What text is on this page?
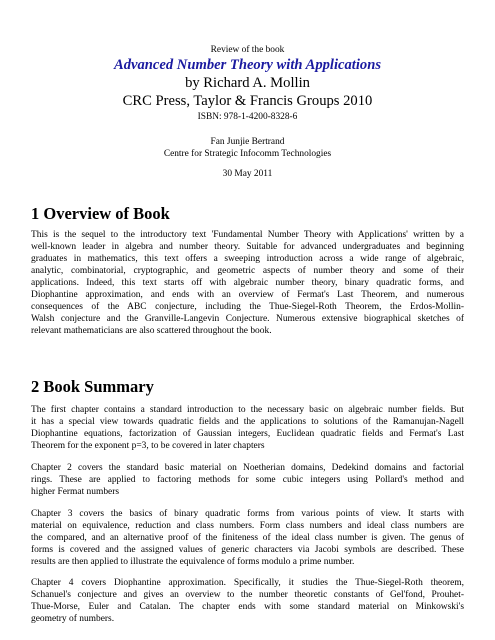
Review of the book
Advanced Number Theory with Applications
by Richard A. Mollin
CRC Press, Taylor & Francis Groups 2010
ISBN: 978-1-4200-8328-6
Fan Junjie Bertrand
Centre for Strategic Infocomm Technologies
30 May 2011
1 Overview of Book
This is the sequel to the introductory text 'Fundamental Number Theory with Applications' written by a
well-known leader in algebra and number theory. Suitable for advanced undergraduates and beginning
graduates in mathematics, this text offers a sweeping introduction across a wide range of algebraic,
analytic, combinatorial, cryptographic, and geometric aspects of number theory and some of their
applications. Indeed, this text starts off with algebraic number theory, binary quadratic forms, and
Diophantine approximation, and ends with an overview of Fermat's Last Theorem, and numerous
consequences of the ABC conjecture, including the Thue-Siegel-Roth Theorem, the Erdos-Mollin-
Walsh conjecture and the Granville-Langevin Conjecture. Numerous extensive biographical sketches of
relevant mathematicians are also scattered throughout the book.
2 Book Summary
The first chapter contains a standard introduction to the necessary basic on algebraic number fields. But
it has a special view towards quadratic fields and the applications to solutions of the Ramanujan-Nagell
Diophantine equations, factorization of Gaussian integers, Euclidean quadratic fields and Fermat's Last
Theorem for the exponent p=3, to be covered in later chapters
Chapter 2 covers the standard basic material on Noetherian domains, Dedekind domains and factorial
rings. These are applied to factoring methods for some cubic integers using Pollard's method and
higher Fermat numbers
Chapter 3 covers the basics of binary quadratic forms from various points of view. It starts with
material on equivalence, reduction and class numbers. Form class numbers and ideal class numbers are
the compared, and an alternative proof of the finiteness of the ideal class number is given. The genus of
forms is covered and the assigned values of generic characters via Jacobi symbols are described. These
results are then applied to illustrate the equivalence of forms modulo a prime number.
Chapter 4 covers Diophantine approximation. Specifically, it studies the Thue-Siegel-Roth theorem,
Schanuel's conjecture and gives an overview to the number theoretic constants of Gel'fond, Prouhet-
Thue-Morse, Euler and Catalan. The chapter ends with some standard material on Minkowski's
geometry of numbers.
